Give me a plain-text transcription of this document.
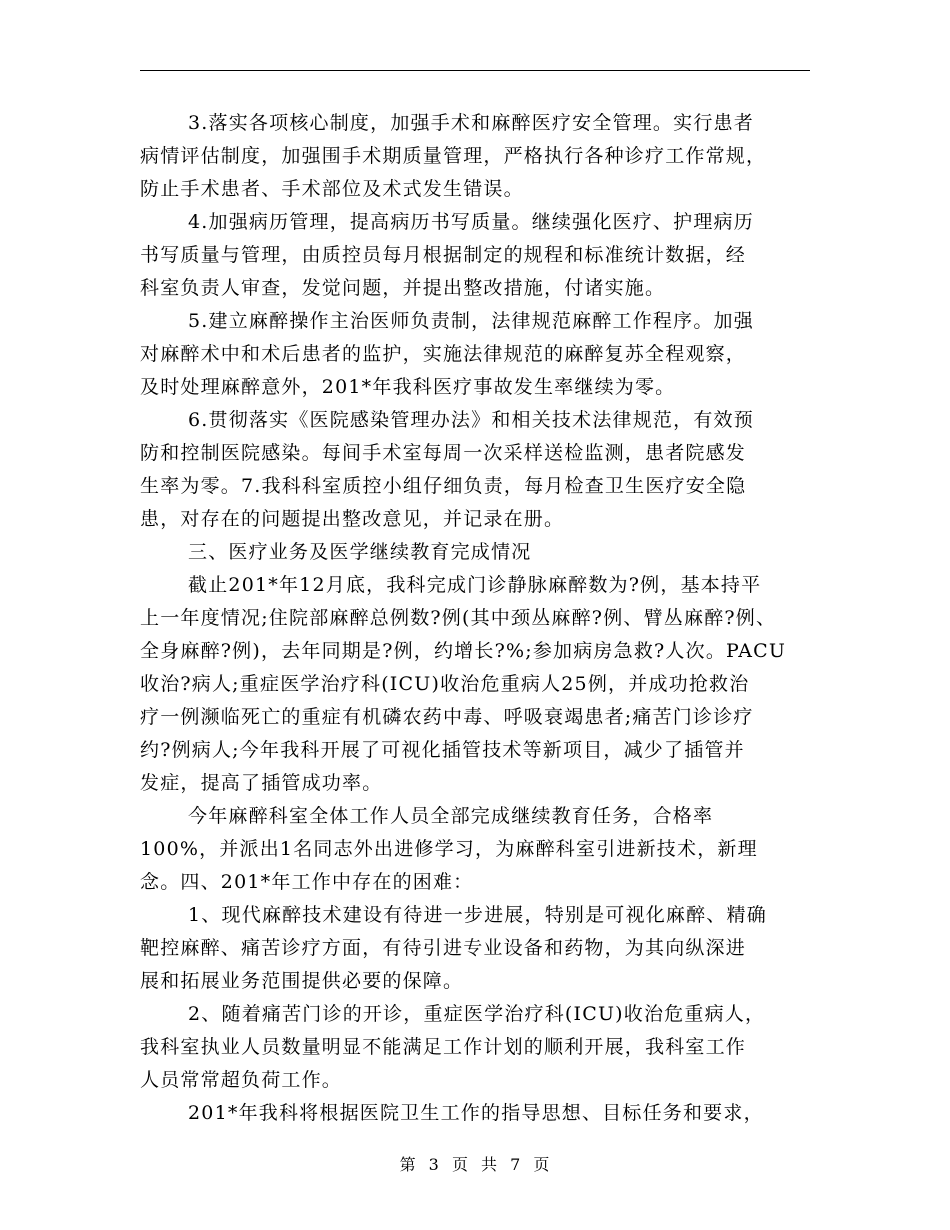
3.落实各项核心制度，加强手术和麻醉医疗安全管理。实行患者
病情评估制度，加强围手术期质量管理，严格执行各种诊疗工作常规，
防止手术患者、手术部位及术式发生错误。

4.加强病历管理，提高病历书写质量。继续强化医疗、护理病历
书写质量与管理，由质控员每月根据制定的规程和标准统计数据，经
科室负责人审查，发觉问题，并提出整改措施，付诸实施。

5.建立麻醉操作主治医师负责制，法律规范麻醉工作程序。加强
对麻醉术中和术后患者的监护，实施法律规范的麻醉复苏全程观察，
及时处理麻醉意外，201*年我科医疗事故发生率继续为零。

6.贯彻落实《医院感染管理办法》和相关技术法律规范，有效预
防和控制医院感染。每间手术室每周一次采样送检监测，患者院感发
生率为零。7.我科科室质控小组仔细负责，每月检查卫生医疗安全隐
患，对存在的问题提出整改意见，并记录在册。

三、医疗业务及医学继续教育完成情况

截止201*年12月底，我科完成门诊静脉麻醉数为?例，基本持平
上一年度情况;住院部麻醉总例数?例(其中颈丛麻醉?例、臂丛麻醉?例、
全身麻醉?例)，去年同期是?例，约增长?%;参加病房急救?人次。PACU
收治?病人;重症医学治疗科(ICU)收治危重病人25例，并成功抢救治
疗一例濒临死亡的重症有机磷农药中毒、呼吸衰竭患者;痛苦门诊诊疗
约?例病人;今年我科开展了可视化插管技术等新项目，减少了插管并
发症，提高了插管成功率。

今年麻醉科室全体工作人员全部完成继续教育任务，合格率
100%，并派出1名同志外出进修学习，为麻醉科室引进新技术，新理
念。四、201*年工作中存在的困难：

1、现代麻醉技术建设有待进一步进展，特别是可视化麻醉、精确
靶控麻醉、痛苦诊疗方面，有待引进专业设备和药物，为其向纵深进
展和拓展业务范围提供必要的保障。

2、随着痛苦门诊的开诊，重症医学治疗科(ICU)收治危重病人，
我科室执业人员数量明显不能满足工作计划的顺利开展，我科室工作
人员常常超负荷工作。

201*年我科将根据医院卫生工作的指导思想、目标任务和要求，

第 3 页 共 7 页
